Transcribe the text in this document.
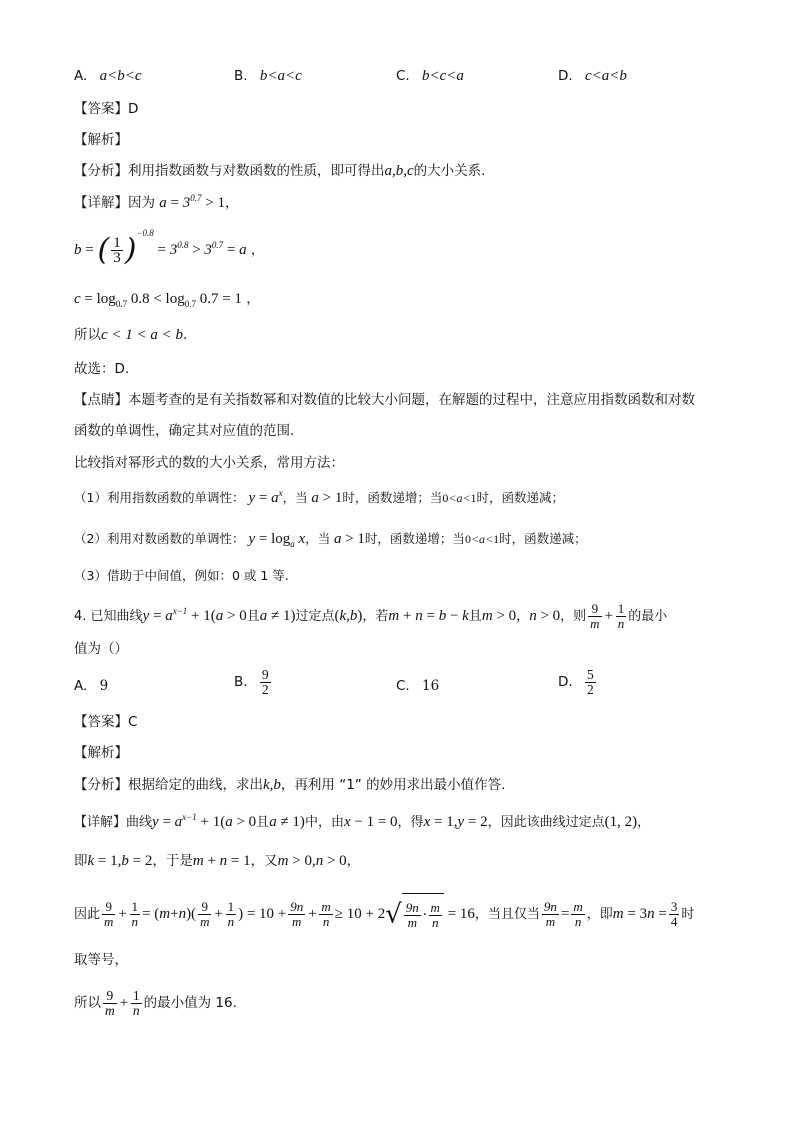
A. a<b<c	B. b<a<c	C. b<c<a	D. c<a<b
【答案】D
【解析】
【分析】利用指数函数与对数函数的性质，即可得出a,b,c的大小关系.
【详解】因为 $a = 3^{0.7} > 1$，
b = ( $\frac{1}{3} )^{-0.8} = 3^{0.8} > 3^{0.7} = a$ ，
$c = \log_{0.7} 0.8 < \log_{0.7} 0.7 = 1$ ，
所以c < 1 < a < b.
故选：D.
【点睛】本题考查的是有关指数幂和对数值的比较大小问题，在解题的过程中，注意应用指数函数和对数
函数的单调性，确定其对应值的范围.
比较指对幂形式的数的大小关系，常用方法：
（1）利用指数函数的单调性： $y = a^x$，当 a > 1时，函数递增；当0<a<1时，函数递减；
（2）利用对数函数的单调性： $y = \log_a x$，当 a > 1时，函数递增；当0<a<1时，函数递减；
（3）借助于中间值，例如：0 或 1 等.
4. 已知曲线$y = a^{x-1} + 1(a > 0$且a ≠ 1)过定点(k,b)，若m + n = b − k且m > 0，n > 0，则 $\frac{9}{m} + \frac{1}{n}$ 的最小
值为（）
A. 9	B. $\frac{9}{2}$	C. 16	D. $\frac{5}{2}$
【答案】C
【解析】
【分析】根据给定的曲线，求出k,b，再利用 “1” 的妙用求出最小值作答.
【详解】曲线$y = a^{x-1} + 1(a > 0$且a ≠ 1)中，由x − 1 = 0，得x = 1,y = 2，因此该曲线过定点(1, 2)，
即k = 1,b = 2，于是m + n = 1，又m > 0,n > 0，
因此 $\frac{9}{m} + \frac{1}{n} = (m+n)( \frac{9}{m} + \frac{1}{n}$ ) = $10 + \frac{9n}{m} + \frac{m}{n} \ge 10 + 2√ \frac{9n}{m} \cdot \frac{m}{n} = 16$，当且仅当 $\frac{9n}{m} = \frac{m}{n}$ ，即$m = 3n = \frac{3}{4}$ 时
取等号，
所以 $\frac{9}{m} + \frac{1}{n}$ 的最小值为 16.
